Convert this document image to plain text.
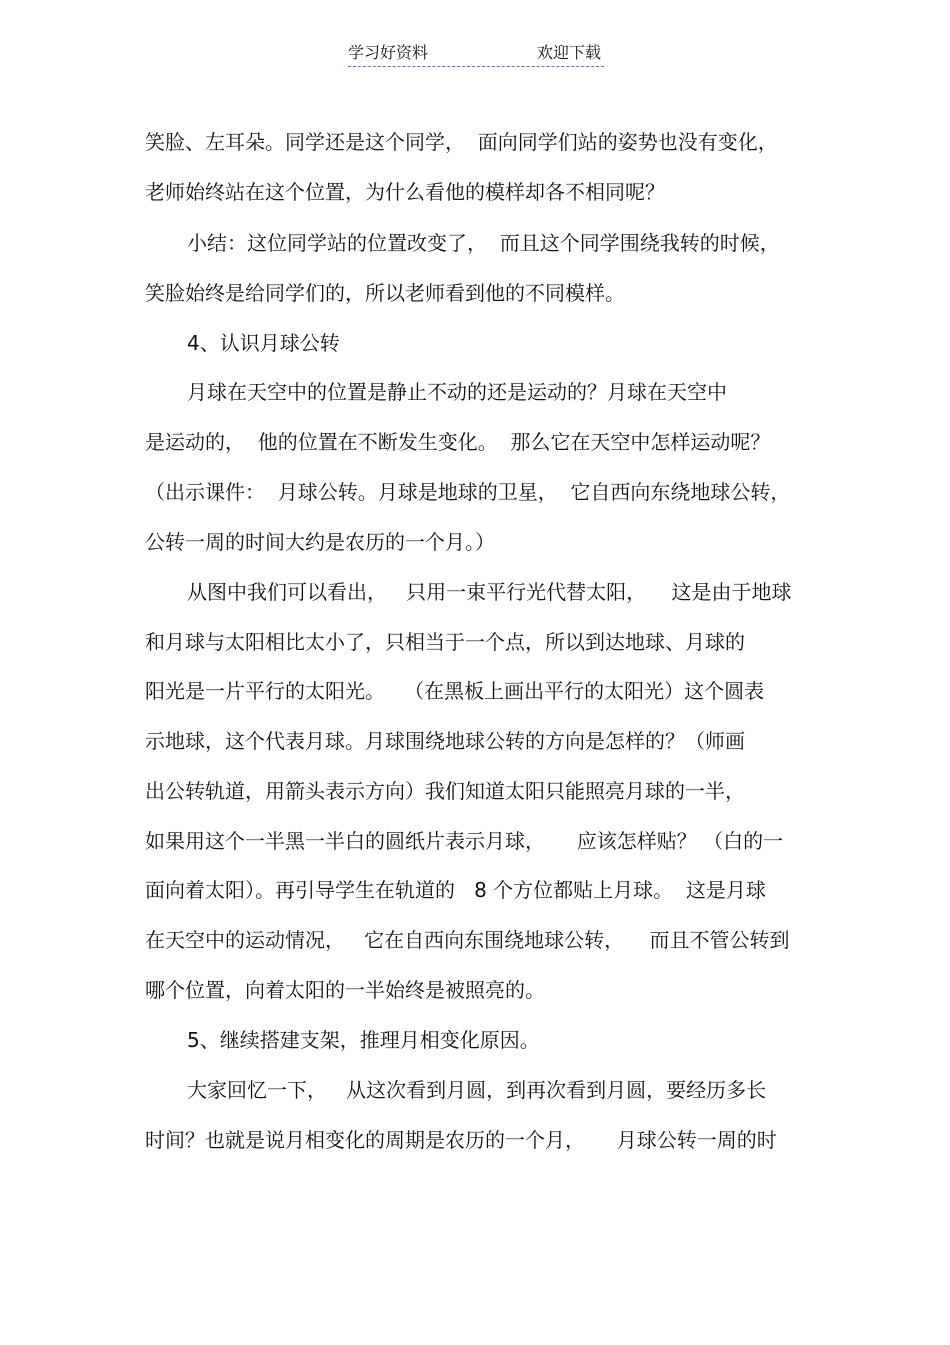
学习好资料	欢迎下载
笑脸、左耳朵。同学还是这个同学，  面向同学们站的姿势也没有变化，
老师始终站在这个位置，为什么看他的模样却各不相同呢？
小结：这位同学站的位置改变了，  而且这个同学围绕我转的时候，
笑脸始终是给同学们的，所以老师看到他的不同模样。
4、认识月球公转
月球在天空中的位置是静止不动的还是运动的？月球在天空中
是运动的，  他的位置在不断发生变化。  那么它在天空中怎样运动呢？
（出示课件：  月球公转。月球是地球的卫星，  它自西向东绕地球公转，
公转一周的时间大约是农历的一个月。）
从图中我们可以看出，   只用一束平行光代替太阳，    这是由于地球
和月球与太阳相比太小了，只相当于一个点，所以到达地球、月球的
阳光是一片平行的太阳光。   （在黑板上画出平行的太阳光）这个圆表
示地球，这个代表月球。月球围绕地球公转的方向是怎样的？（师画
出公转轨道，用箭头表示方向）我们知道太阳只能照亮月球的一半，
如果用这个一半黑一半白的圆纸片表示月球，     应该怎样贴？ （白的一
面向着太阳）。再引导学生在轨道的   8 个方位都贴上月球。  这是月球
在天空中的运动情况，   它在自西向东围绕地球公转，    而且不管公转到
哪个位置，向着太阳的一半始终是被照亮的。
5、继续搭建支架，推理月相变化原因。
大家回忆一下，   从这次看到月圆，到再次看到月圆，要经历多长
时间？也就是说月相变化的周期是农历的一个月，     月球公转一周的时
